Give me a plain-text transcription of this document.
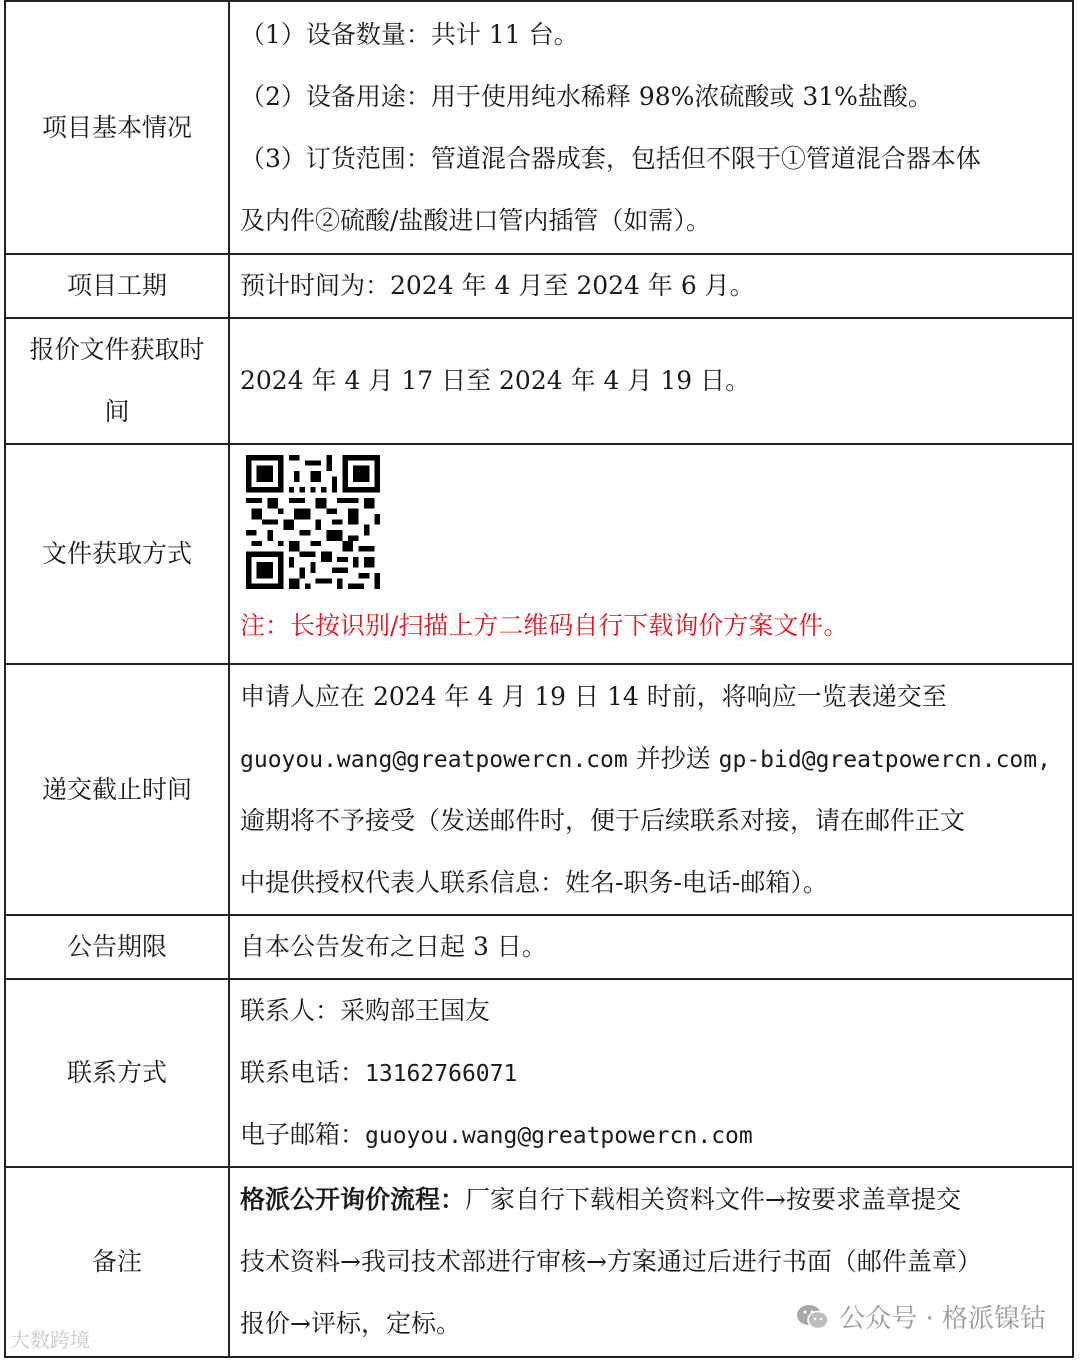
项目基本情况	（1）设备数量：共计 11 台。
（2）设备用途：用于使用纯水稀释 98%浓硫酸或 31%盐酸。
（3）订货范围：管道混合器成套，包括但不限于①管道混合器本体
及内件②硫酸/盐酸进口管内插管（如需）。

项目工期	预计时间为：2024 年 4 月至 2024 年 6 月。

报价文件获取时
间	2024 年 4 月 17 日至 2024 年 4 月 19 日。
文件获取方式	注：长按识别/扫描上方二维码自行下载询价方案文件。

递交截止时间	申请人应在 2024 年 4 月 19 日 14 时前，将响应一览表递交至
guoyou.wang@greatpowercn.com 并抄送 gp-bid@greatpowercn.com,
逾期将不予接受（发送邮件时，便于后续联系对接，请在邮件正文
中提供授权代表人联系信息：姓名-职务-电话-邮箱）。

公告期限	自本公告发布之日起 3 日。
联系方式	联系人：采购部王国友
联系电话：13162766071
电子邮箱：guoyou.wang@greatpowercn.com

备注	格派公开询价流程：厂家自行下载相关资料文件→按要求盖章提交
技术资料→我司技术部进行审核→方案通过后进行书面（邮件盖章）
报价→评标，定标。
大数跨境
公众号 · 格派镍钴
